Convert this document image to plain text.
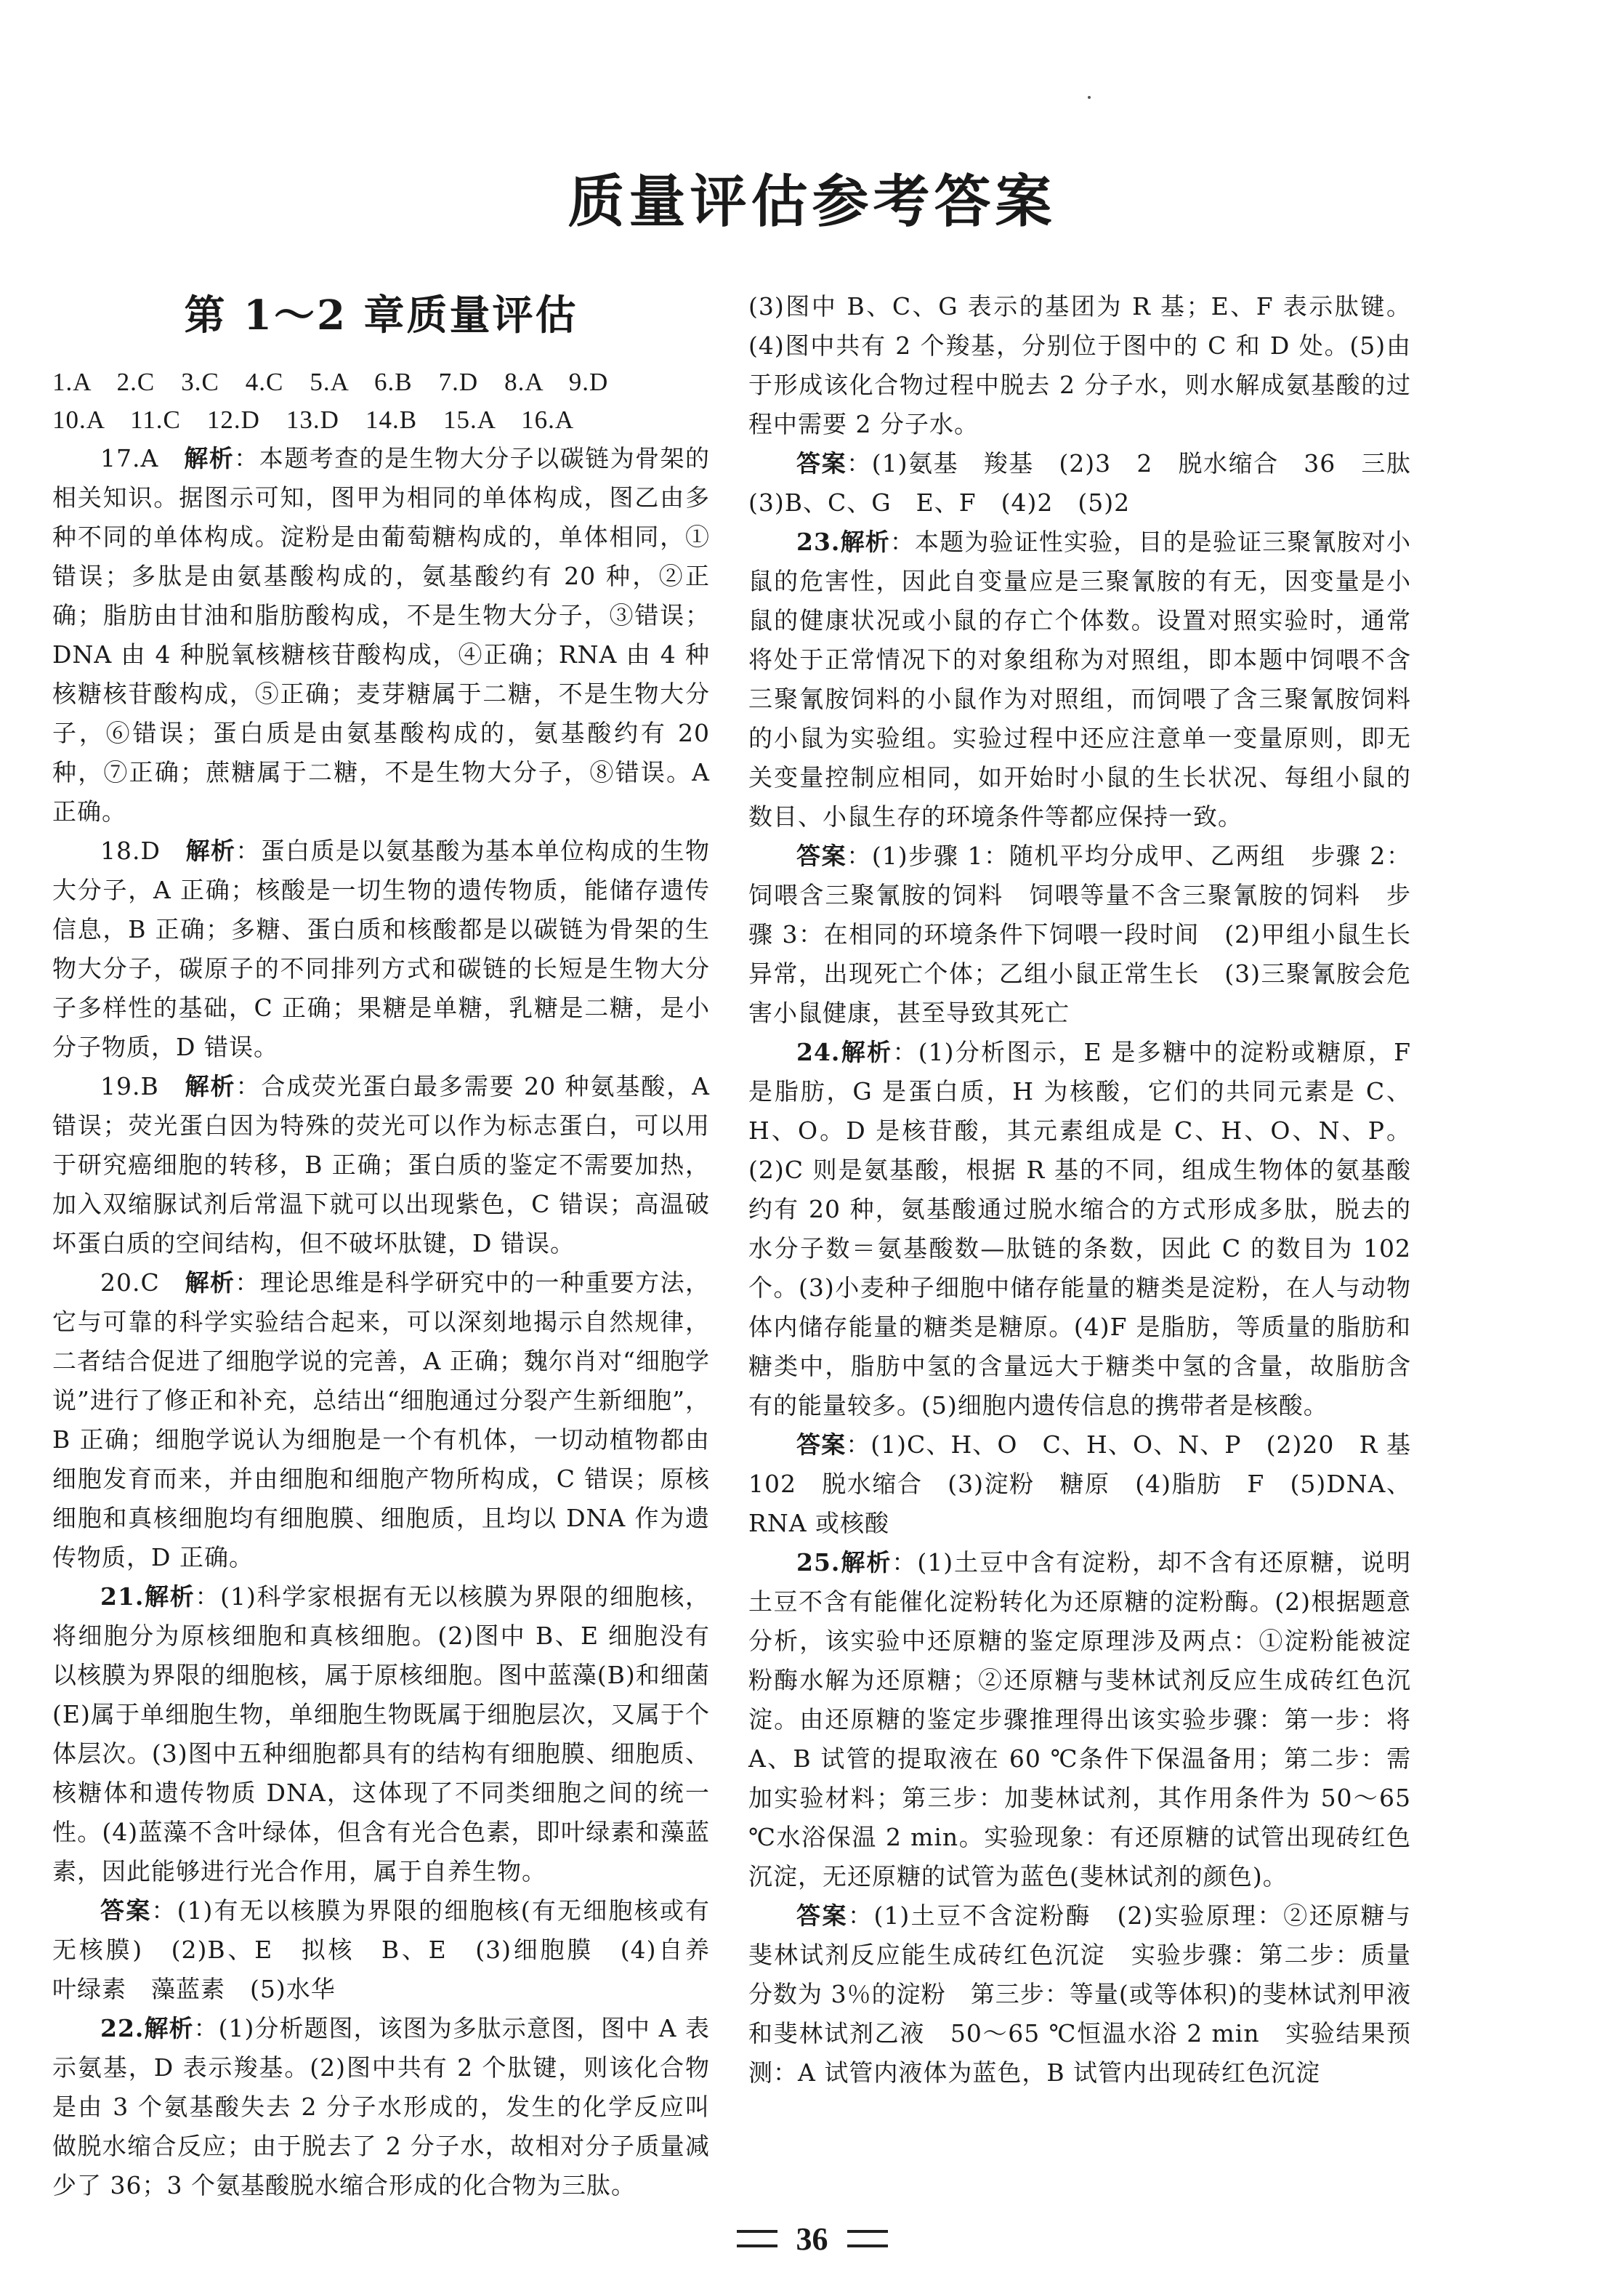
质量评估参考答案
第 1～2 章质量评估
1.A　2.C　3.C　4.C　5.A　6.B　7.D　8.A　9.D
10.A　11.C　12.D　13.D　14.B　15.A　16.A

17.A　解析：本题考查的是生物大分子以碳链为骨架的相关知识。据图示可知，图甲为相同的单体构成，图乙由多种不同的单体构成。淀粉是由葡萄糖构成的，单体相同，①错误；多肽是由氨基酸构成的，氨基酸约有 20 种，②正确；脂肪由甘油和脂肪酸构成，不是生物大分子，③错误；DNA 由 4 种脱氧核糖核苷酸构成，④正确；RNA 由 4 种核糖核苷酸构成，⑤正确；麦芽糖属于二糖，不是生物大分子，⑥错误；蛋白质是由氨基酸构成的，氨基酸约有 20 种，⑦正确；蔗糖属于二糖，不是生物大分子，⑧错误。A 正确。

18.D　解析：蛋白质是以氨基酸为基本单位构成的生物大分子，A 正确；核酸是一切生物的遗传物质，能储存遗传信息，B 正确；多糖、蛋白质和核酸都是以碳链为骨架的生物大分子，碳原子的不同排列方式和碳链的长短是生物大分子多样性的基础，C 正确；果糖是单糖，乳糖是二糖，是小分子物质，D 错误。

19.B　解析：合成荧光蛋白最多需要 20 种氨基酸，A 错误；荧光蛋白因为特殊的荧光可以作为标志蛋白，可以用于研究癌细胞的转移，B 正确；蛋白质的鉴定不需要加热，加入双缩脲试剂后常温下就可以出现紫色，C 错误；高温破坏蛋白质的空间结构，但不破坏肽键，D 错误。

20.C　解析：理论思维是科学研究中的一种重要方法，它与可靠的科学实验结合起来，可以深刻地揭示自然规律，二者结合促进了细胞学说的完善，A 正确；魏尔肖对“细胞学说”进行了修正和补充，总结出“细胞通过分裂产生新细胞”，B 正确；细胞学说认为细胞是一个有机体，一切动植物都由细胞发育而来，并由细胞和细胞产物所构成，C 错误；原核细胞和真核细胞均有细胞膜、细胞质，且均以 DNA 作为遗传物质，D 正确。

21.解析：(1)科学家根据有无以核膜为界限的细胞核，将细胞分为原核细胞和真核细胞。(2)图中 B、E 细胞没有以核膜为界限的细胞核，属于原核细胞。图中蓝藻(B)和细菌(E)属于单细胞生物，单细胞生物既属于细胞层次，又属于个体层次。(3)图中五种细胞都具有的结构有细胞膜、细胞质、核糖体和遗传物质 DNA，这体现了不同类细胞之间的统一性。(4)蓝藻不含叶绿体，但含有光合色素，即叶绿素和藻蓝素，因此能够进行光合作用，属于自养生物。

答案：(1)有无以核膜为界限的细胞核(有无细胞核或有无核膜)　(2)B、E　拟核　B、E　(3)细胞膜　(4)自养　叶绿素　藻蓝素　(5)水华

22.解析：(1)分析题图，该图为多肽示意图，图中 A 表示氨基，D 表示羧基。(2)图中共有 2 个肽键，则该化合物是由 3 个氨基酸失去 2 分子水形成的，发生的化学反应叫做脱水缩合反应；由于脱去了 2 分子水，故相对分子质量减少了 36；3 个氨基酸脱水缩合形成的化合物为三肽。

(3)图中 B、C、G 表示的基团为 R 基；E、F 表示肽键。(4)图中共有 2 个羧基，分别位于图中的 C 和 D 处。(5)由于形成该化合物过程中脱去 2 分子水，则水解成氨基酸的过程中需要 2 分子水。

答案：(1)氨基　羧基　(2)3　2　脱水缩合　36　三肽　(3)B、C、G　E、F　(4)2　(5)2

23.解析：本题为验证性实验，目的是验证三聚氰胺对小鼠的危害性，因此自变量应是三聚氰胺的有无，因变量是小鼠的健康状况或小鼠的存亡个体数。设置对照实验时，通常将处于正常情况下的对象组称为对照组，即本题中饲喂不含三聚氰胺饲料的小鼠作为对照组，而饲喂了含三聚氰胺饲料的小鼠为实验组。实验过程中还应注意单一变量原则，即无关变量控制应相同，如开始时小鼠的生长状况、每组小鼠的数目、小鼠生存的环境条件等都应保持一致。

答案：(1)步骤 1：随机平均分成甲、乙两组　步骤 2：饲喂含三聚氰胺的饲料　饲喂等量不含三聚氰胺的饲料　步骤 3：在相同的环境条件下饲喂一段时间　(2)甲组小鼠生长异常，出现死亡个体；乙组小鼠正常生长　(3)三聚氰胺会危害小鼠健康，甚至导致其死亡

24.解析：(1)分析图示，E 是多糖中的淀粉或糖原，F 是脂肪，G 是蛋白质，H 为核酸，它们的共同元素是 C、H、O。D 是核苷酸，其元素组成是 C、H、O、N、P。(2)C 则是氨基酸，根据 R 基的不同，组成生物体的氨基酸约有 20 种，氨基酸通过脱水缩合的方式形成多肽，脱去的水分子数＝氨基酸数—肽链的条数，因此 C 的数目为 102 个。(3)小麦种子细胞中储存能量的糖类是淀粉，在人与动物体内储存能量的糖类是糖原。(4)F 是脂肪，等质量的脂肪和糖类中，脂肪中氢的含量远大于糖类中氢的含量，故脂肪含有的能量较多。(5)细胞内遗传信息的携带者是核酸。

答案：(1)C、H、O　C、H、O、N、P　(2)20　R 基　102　脱水缩合　(3)淀粉　糖原　(4)脂肪　F　(5)DNA、RNA 或核酸

25.解析：(1)土豆中含有淀粉，却不含有还原糖，说明土豆不含有能催化淀粉转化为还原糖的淀粉酶。(2)根据题意分析，该实验中还原糖的鉴定原理涉及两点：①淀粉能被淀粉酶水解为还原糖；②还原糖与斐林试剂反应生成砖红色沉淀。由还原糖的鉴定步骤推理得出该实验步骤：第一步：将 A、B 试管的提取液在 60 ℃条件下保温备用；第二步：需加实验材料；第三步：加斐林试剂，其作用条件为 50～65 ℃水浴保温 2 min。实验现象：有还原糖的试管出现砖红色沉淀，无还原糖的试管为蓝色(斐林试剂的颜色)。

答案：(1)土豆不含淀粉酶　(2)实验原理：②还原糖与斐林试剂反应能生成砖红色沉淀　实验步骤：第二步：质量分数为 3％的淀粉　第三步：等量(或等体积)的斐林试剂甲液和斐林试剂乙液　50～65 ℃恒温水浴 2 min　实验结果预测：A 试管内液体为蓝色，B 试管内出现砖红色沉淀

36
